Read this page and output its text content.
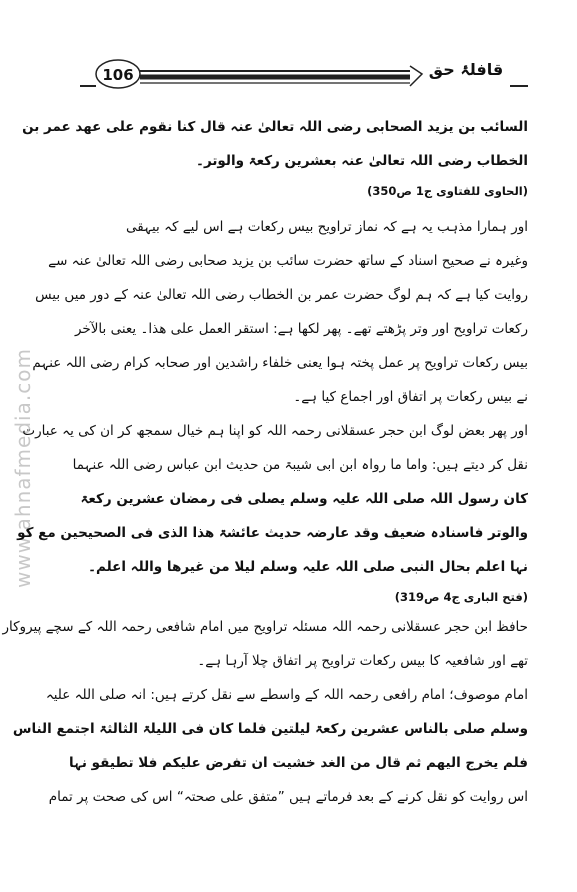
106	قافلۂ حق
www.ahnafmedia.com
السائب بن یزید الصحابی رضی اللہ تعالیٰ عنہ قال کنا نقوم علی عھد عمر بن
الخطاب رضی اللہ تعالیٰ عنہ بعشرین رکعۃ والوتر۔
(الحاوی للفتاوی ج1 ص350)
اور ہمارا مذہب یہ ہے کہ نماز تراویح بیس رکعات ہے اس لیے کہ بیہقی
وغیرہ نے صحیح اسناد کے ساتھ حضرت سائب بن یزید صحابی رضی اللہ تعالیٰ عنہ سے
روایت کیا ہے کہ ہم لوگ حضرت عمر بن الخطاب رضی اللہ تعالیٰ عنہ کے دور میں بیس
رکعات تراویح اور وتر پڑھتے تھے۔ پھر لکھا ہے: استقر العمل علی ھذا۔ یعنی بالآخر
بیس رکعات تراویح پر عمل پختہ ہوا یعنی خلفاء راشدین اور صحابہ کرام رضی اللہ عنہم
نے بیس رکعات پر اتفاق اور اجماع کیا ہے۔
اور پھر بعض لوگ ابن حجر عسقلانی رحمہ اللہ کو اپنا ہم خیال سمجھ کر ان کی یہ عبارت
نقل کر دیتے ہیں: واما ما رواہ ابن ابی شیبۃ من حدیث ابن عباس رضی اللہ عنہما
کان رسول اللہ صلی اللہ علیہ وسلم یصلی فی رمضان عشرین رکعۃ
والوتر فاسنادہ ضعیف وقد عارضہ حدیث عائشۃ ھذا الذی فی الصحیحین مع کو
نہا اعلم بحال النبی صلی اللہ علیہ وسلم لیلا من غیرھا واللہ اعلم۔
(فتح الباری ج4 ص319)
حافظ ابن حجر عسقلانی رحمہ اللہ مسئلہ تراویح میں امام شافعی رحمہ اللہ کے سچے پیروکار
تھے اور شافعیہ کا بیس رکعات تراویح پر اتفاق چلا آرہا ہے۔
امام موصوف؛ امام رافعی رحمہ اللہ کے واسطے سے نقل کرتے ہیں: انہ صلی اللہ علیہ
وسلم صلی بالناس عشرین رکعۃ لیلتین فلما کان فی اللیلۃ الثالثۃ اجتمع الناس
فلم یخرج الیھم ثم قال من الغد خشیت ان تفرض علیکم فلا تطیقو نہا
اس روایت کو نقل کرنے کے بعد فرماتے ہیں ”متفق علی صحتہ“ اس کی صحت پر تمام
